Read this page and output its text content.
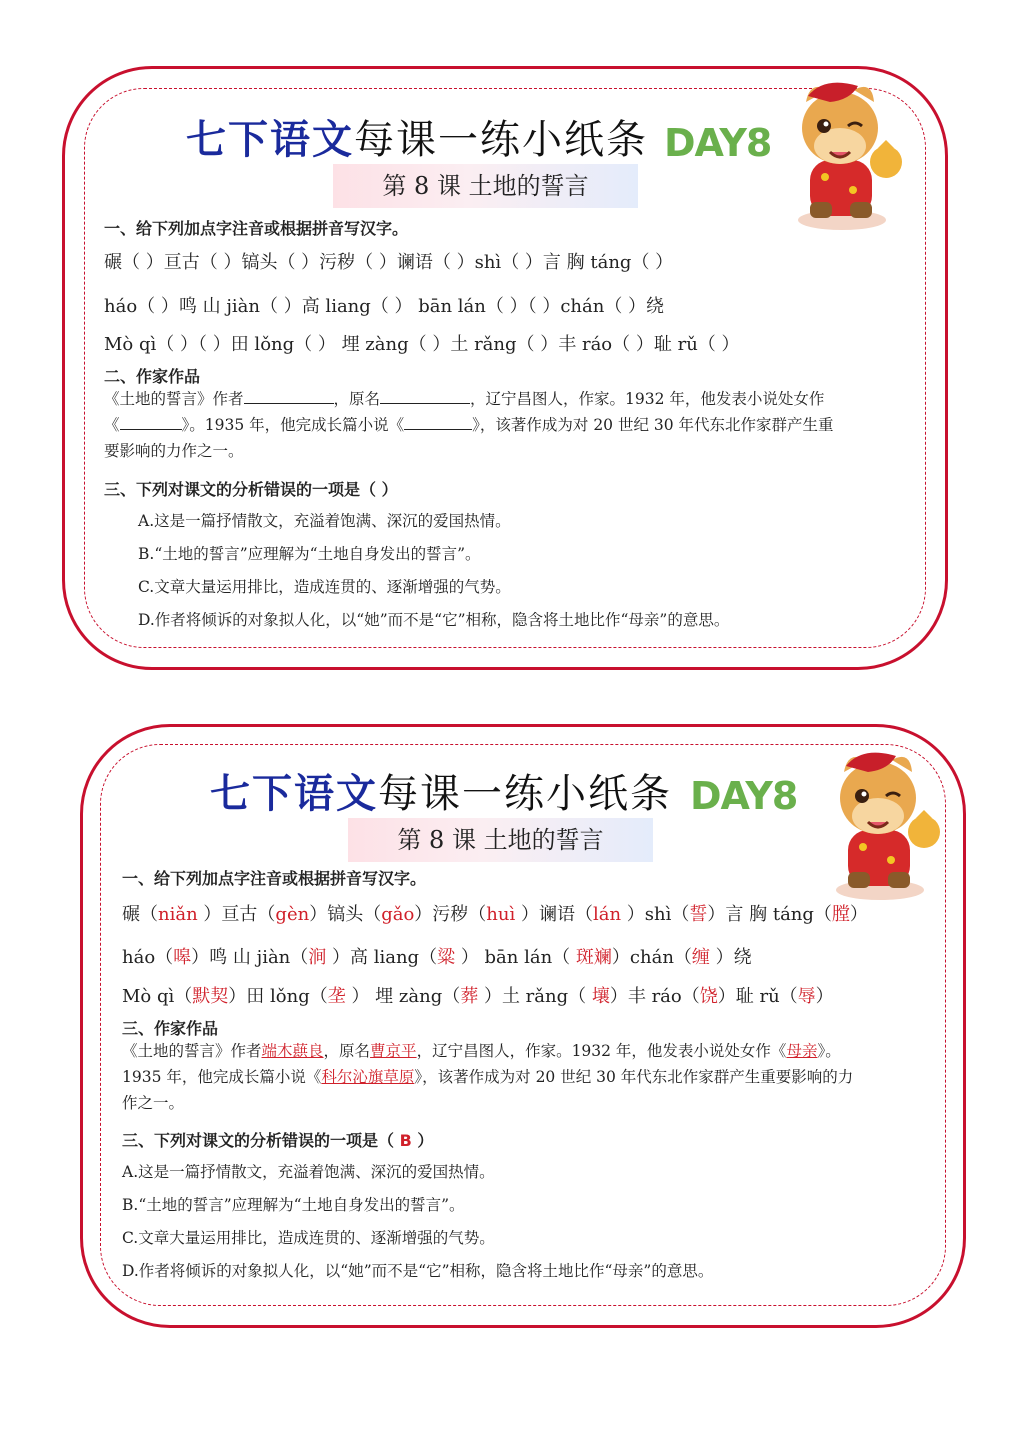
七下语文每课一练小纸条 DAY8
第 8 课 土地的誓言
一、给下列加点字注音或根据拼音写汉字。
碾（ ）亘古（ ）镐头（ ）污秽（ ）谰语（ ）shì（ ）言 胸 táng（ ）
háo（ ）鸣 山 jiàn（ ）高 liang（ ） bān lán（ ）（ ）chán（ ）绕
Mò qì（ ）（ ）田 lǒng（ ） 埋 zàng（ ）土 rǎng（ ）丰 ráo（ ）耻 rǔ（ ）
二、作家作品
《土地的誓言》作者	，原名	，辽宁昌图人，作家。1932 年，他发表小说处女作
《	》。1935 年，他完成长篇小说《	》，该著作成为对 20 世纪 30 年代东北作家群产生重
要影响的力作之一。
三、下列对课文的分析错误的一项是（ ）
A.这是一篇抒情散文，充溢着饱满、深沉的爱国热情。
B.“土地的誓言”应理解为“土地自身发出的誓言”。
C.文章大量运用排比，造成连贯的、逐渐增强的气势。
D.作者将倾诉的对象拟人化，以“她”而不是“它”相称，隐含将土地比作“母亲”的意思。
七下语文每课一练小纸条 DAY8
第 8 课 土地的誓言
一、给下列加点字注音或根据拼音写汉字。
碾（niǎn ）亘古（gèn）镐头（gǎo）污秽（huì ）谰语（lán ）shì（誓）言 胸 táng（膛）
háo（嗥）鸣 山 jiàn（涧 ）高 liang（粱 ） bān lán（ 斑斓）chán（缠 ）绕
Mò qì（默契）田 lǒng（垄 ） 埋 zàng（葬 ）土 rǎng（ 壤）丰 ráo（饶）耻 rǔ（辱）
三、作家作品
《土地的誓言》作者端木蕻良，原名曹京平，辽宁昌图人，作家。1932 年，他发表小说处女作《母亲》。
1935 年，他完成长篇小说《科尔沁旗草原》，该著作成为对 20 世纪 30 年代东北作家群产生重要影响的力
作之一。
三、下列对课文的分析错误的一项是（ B ）
A.这是一篇抒情散文，充溢着饱满、深沉的爱国热情。
B.“土地的誓言”应理解为“土地自身发出的誓言”。
C.文章大量运用排比，造成连贯的、逐渐增强的气势。
D.作者将倾诉的对象拟人化，以“她”而不是“它”相称，隐含将土地比作“母亲”的意思。
